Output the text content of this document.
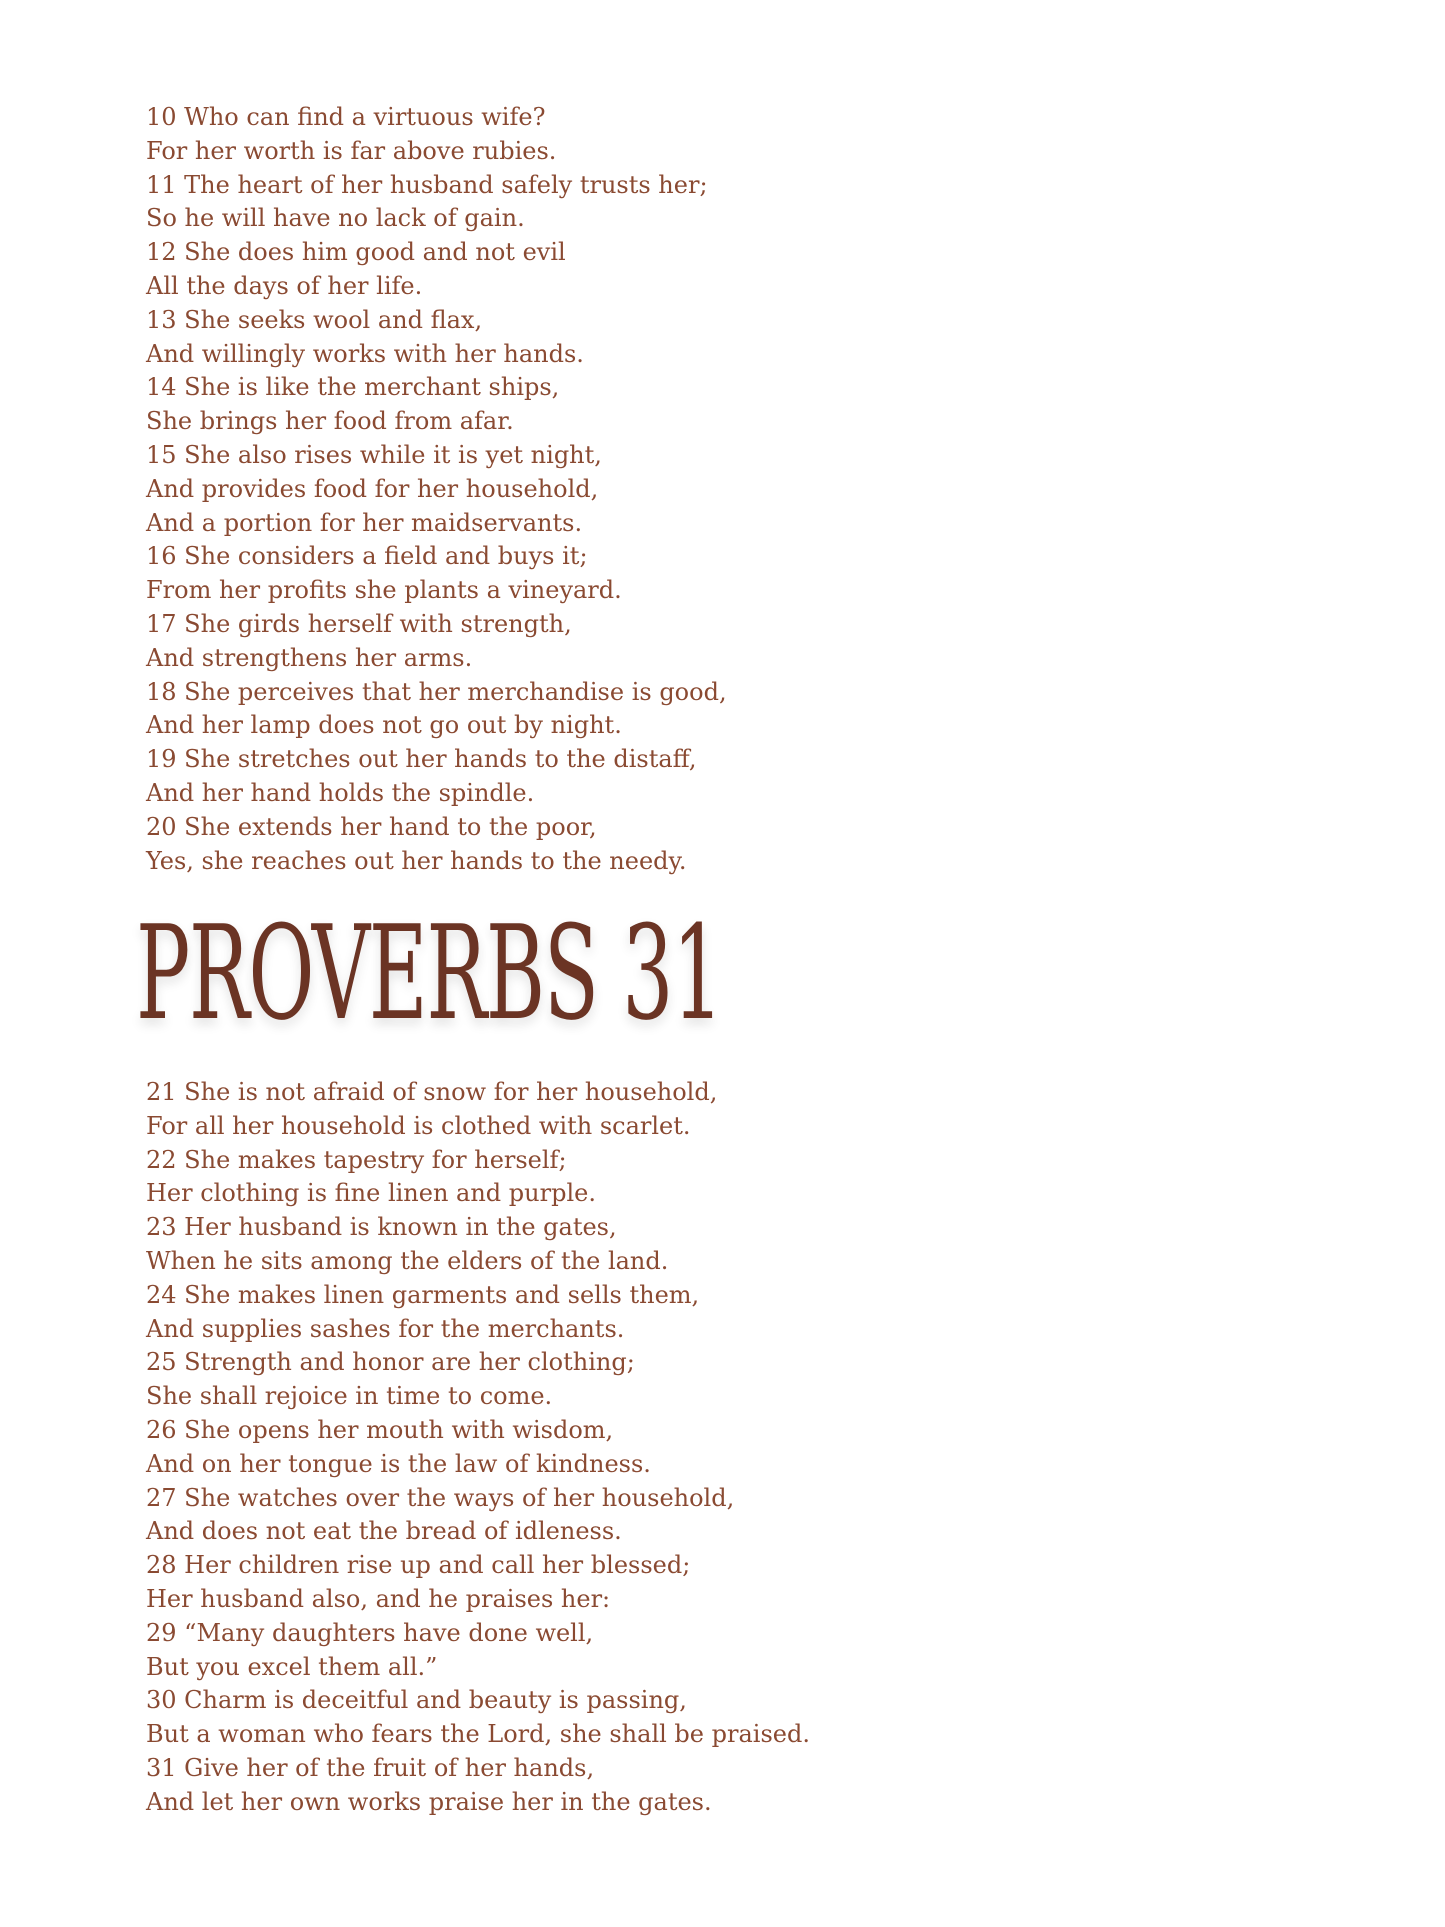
10 Who can find a virtuous wife?
For her worth is far above rubies.
11 The heart of her husband safely trusts her;
So he will have no lack of gain.
12 She does him good and not evil
All the days of her life.
13 She seeks wool and flax,
And willingly works with her hands.
14 She is like the merchant ships,
She brings her food from afar.
15 She also rises while it is yet night,
And provides food for her household,
And a portion for her maidservants.
16 She considers a field and buys it;
From her profits she plants a vineyard.
17 She girds herself with strength,
And strengthens her arms.
18 She perceives that her merchandise is good,
And her lamp does not go out by night.
19 She stretches out her hands to the distaff,
And her hand holds the spindle.
20 She extends her hand to the poor,
Yes, she reaches out her hands to the needy.
PROVERBS 31
21 She is not afraid of snow for her household,
For all her household is clothed with scarlet.
22 She makes tapestry for herself;
Her clothing is fine linen and purple.
23 Her husband is known in the gates,
When he sits among the elders of the land.
24 She makes linen garments and sells them,
And supplies sashes for the merchants.
25 Strength and honor are her clothing;
She shall rejoice in time to come.
26 She opens her mouth with wisdom,
And on her tongue is the law of kindness.
27 She watches over the ways of her household,
And does not eat the bread of idleness.
28 Her children rise up and call her blessed;
Her husband also, and he praises her:
29 “Many daughters have done well,
But you excel them all.”
30 Charm is deceitful and beauty is passing,
But a woman who fears the Lord, she shall be praised.
31 Give her of the fruit of her hands,
And let her own works praise her in the gates.
